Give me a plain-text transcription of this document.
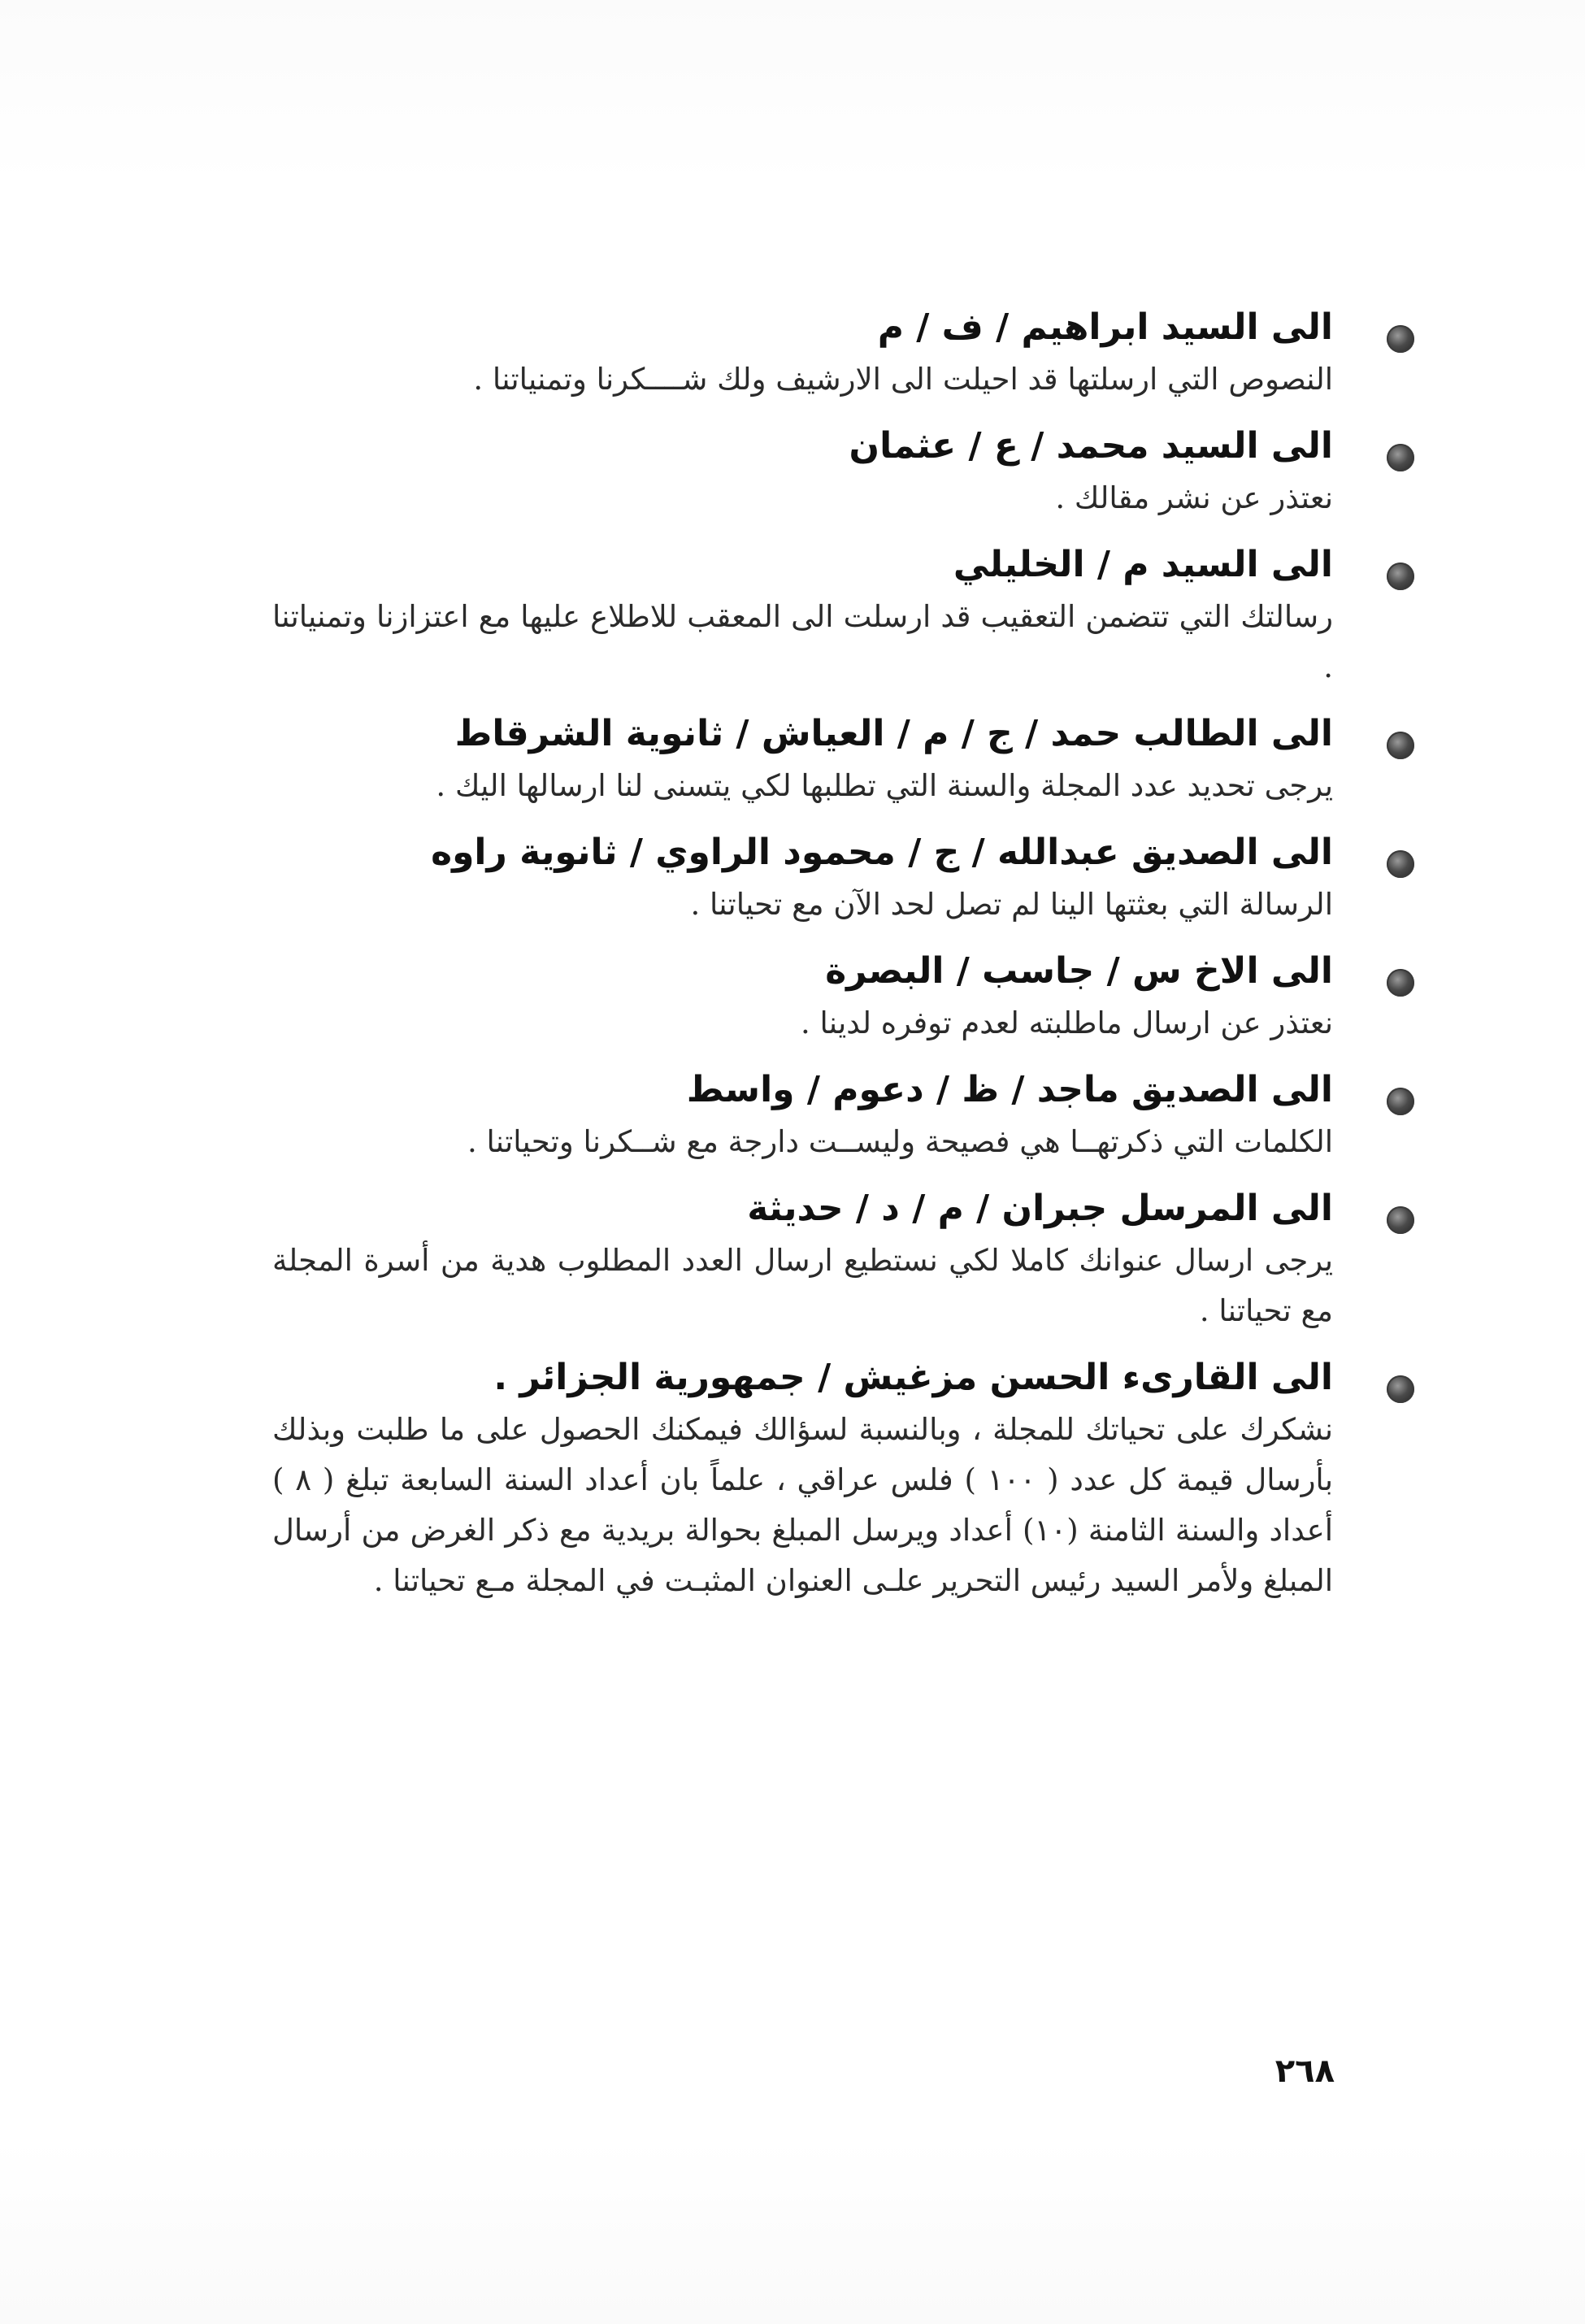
الى السيد ابراهيم / ف / م

النصوص التي ارسلتها قد احيلت الى الارشيف ولك شــــكرنا وتمنياتنا .

الى السيد محمد / ع / عثمان

نعتذر عن نشر مقالك .

الى السيد م / الخليلي

رسالتك التي تتضمن التعقيب قد ارسلت الى المعقب للاطلاع عليها مع اعتزازنا وتمنياتنا .

الى الطالب حمد / ج / م / العياش / ثانوية الشرقاط

يرجى تحديد عدد المجلة والسنة التي تطلبها لكي يتسنى لنا ارسالها اليك .

الى الصديق عبدالله / ج / محمود الراوي / ثانوية راوه

الرسالة التي بعثتها الينا لم تصل لحد الآن مع تحياتنا .

الى الاخ س / جاسب / البصرة

نعتذر عن ارسال ماطلبته لعدم توفره لدينا .

الى الصديق ماجد / ظ / دعوم / واسط

الكلمات التي ذكرتهــا هي فصيحة وليســت دارجة مع شــكرنا وتحياتنا .

الى المرسل جبران / م / د / حديثة

يرجى ارسال عنوانك كاملا لكي نستطيع ارسال العدد المطلوب هدية من أسرة المجلة مع تحياتنا .

الى القارىء الحسن مزغيش / جمهورية الجزائر .

نشكرك على تحياتك للمجلة ، وبالنسبة لسؤالك فيمكنك الحصول على ما طلبت وبذلك بأرسال قيمة كل عدد ( ١٠٠ ) فلس عراقي ، علماً بان أعداد السنة السابعة تبلغ ( ٨ ) أعداد والسنة الثامنة (١٠) أعداد ويرسل المبلغ بحوالة بريدية مع ذكر الغرض من أرسال المبلغ ولأمر السيد رئيس التحرير علـى العنوان المثبـت في المجلة مـع تحياتنا .

٢٦٨
